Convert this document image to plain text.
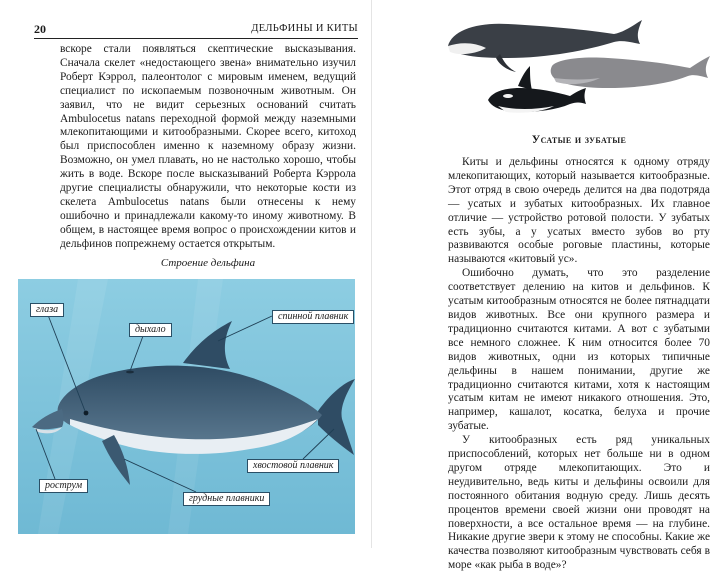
20	ДЕЛЬФИНЫ И КИТЫ

вскоре стали появляться скептические высказывания. Сначала скелет «недостающего звена» внимательно изучил Роберт Кэррол, палеонтолог с мировым именем, ведущий специалист по ископаемым позвоночным животным. Он заявил, что не видит серьезных оснований считать Ambulocetus natans переходной формой между наземными млекопитающими и китообразными. Скорее всего, китоход был приспособлен именно к наземному образу жизни. Возможно, он умел плавать, но не настолько хорошо, чтобы жить в воде. Вскоре после высказываний Роберта Кэррола другие специалисты обнаружили, что некоторые кости из скелета Ambulocetus natans были отнесены к нему ошибочно и принадлежали какому-то иному животному. В общем, в настоящее время вопрос о происхождении китов и дельфинов попрежнему остается открытым.

Строение дельфина
глаза
дыхало
спинной плавник
хвостовой плавник
рострум
грудные плавники
Усатые и зубатые

Киты и дельфины относятся к одному отряду млекопитающих, который называется китообразные. Этот отряд в свою очередь делится на два подотряда — усатых и зубатых китообразных. Их главное отличие — устройство ротовой полости. У зубатых есть зубы, а у усатых вместо зубов во рту развиваются особые роговые пластины, которые называются «китовый ус».

Ошибочно думать, что это разделение соответствует делению на китов и дельфинов. К усатым китообразным относятся не более пятнадцати видов животных. Все они крупного размера и традиционно считаются китами. А вот с зубатыми все немного сложнее. К ним относится более 70 видов животных, одни из которых типичные дельфины в нашем понимании, другие же традиционно считаются китами, хотя к настоящим усатым китам не имеют никакого отношения. Это, например, кашалот, косатка, белуха и прочие зубатые.

У китообразных есть ряд уникальных приспособлений, которых нет больше ни в одном другом отряде млекопитающих. Это и неудивительно, ведь киты и дельфины освоили для постоянного обитания водную среду. Лишь десять процентов времени своей жизни они проводят на поверхности, а все остальное время — на глубине. Никакие другие звери к этому не способны. Какие же качества позволяют китообразным чувствовать себя в море «как рыба в воде»?
